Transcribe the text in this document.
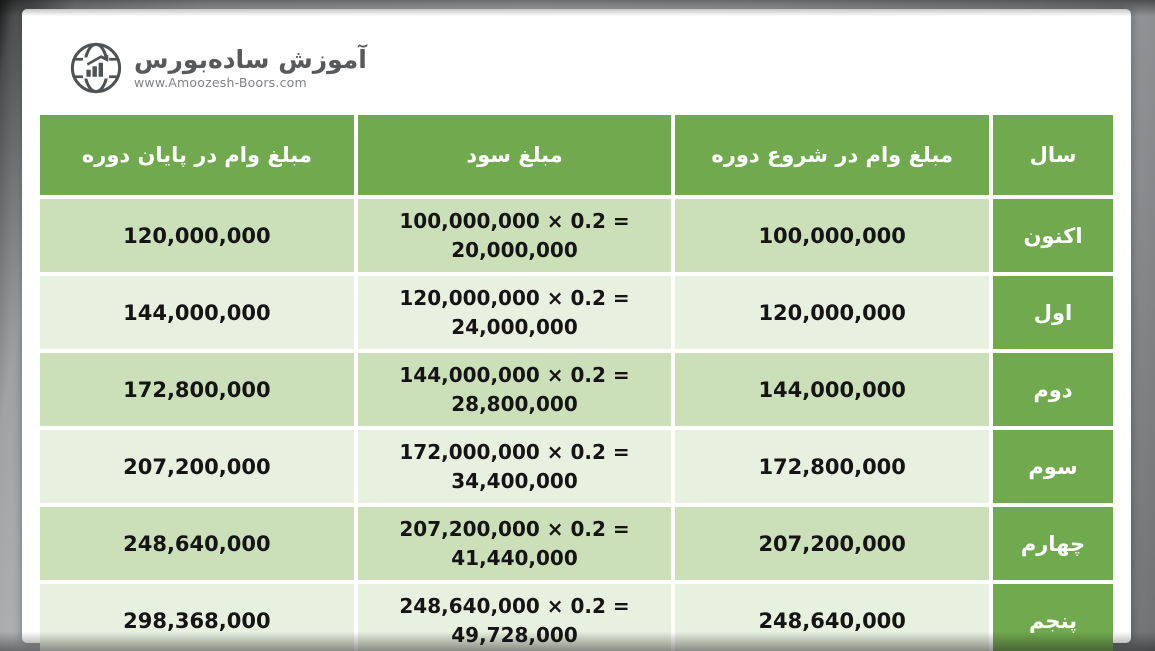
آموزش ساده‌بورس
www.Amoozesh-Boors.com
سال
مبلغ وام در شروع دوره
مبلغ سود
مبلغ وام در پایان دوره
اکنون
100,000,000
100,000,000 × 0.2 =
20,000,000
120,000,000
اول
120,000,000
120,000,000 × 0.2 =
24,000,000
144,000,000
دوم
144,000,000
144,000,000 × 0.2 =
28,800,000
172,800,000
سوم
172,800,000
172,000,000 × 0.2 =
34,400,000
207,200,000
چهارم
207,200,000
207,200,000 × 0.2 =
41,440,000
248,640,000
پنجم
248,640,000
248,640,000 × 0.2 =
49,728,000
298,368,000
